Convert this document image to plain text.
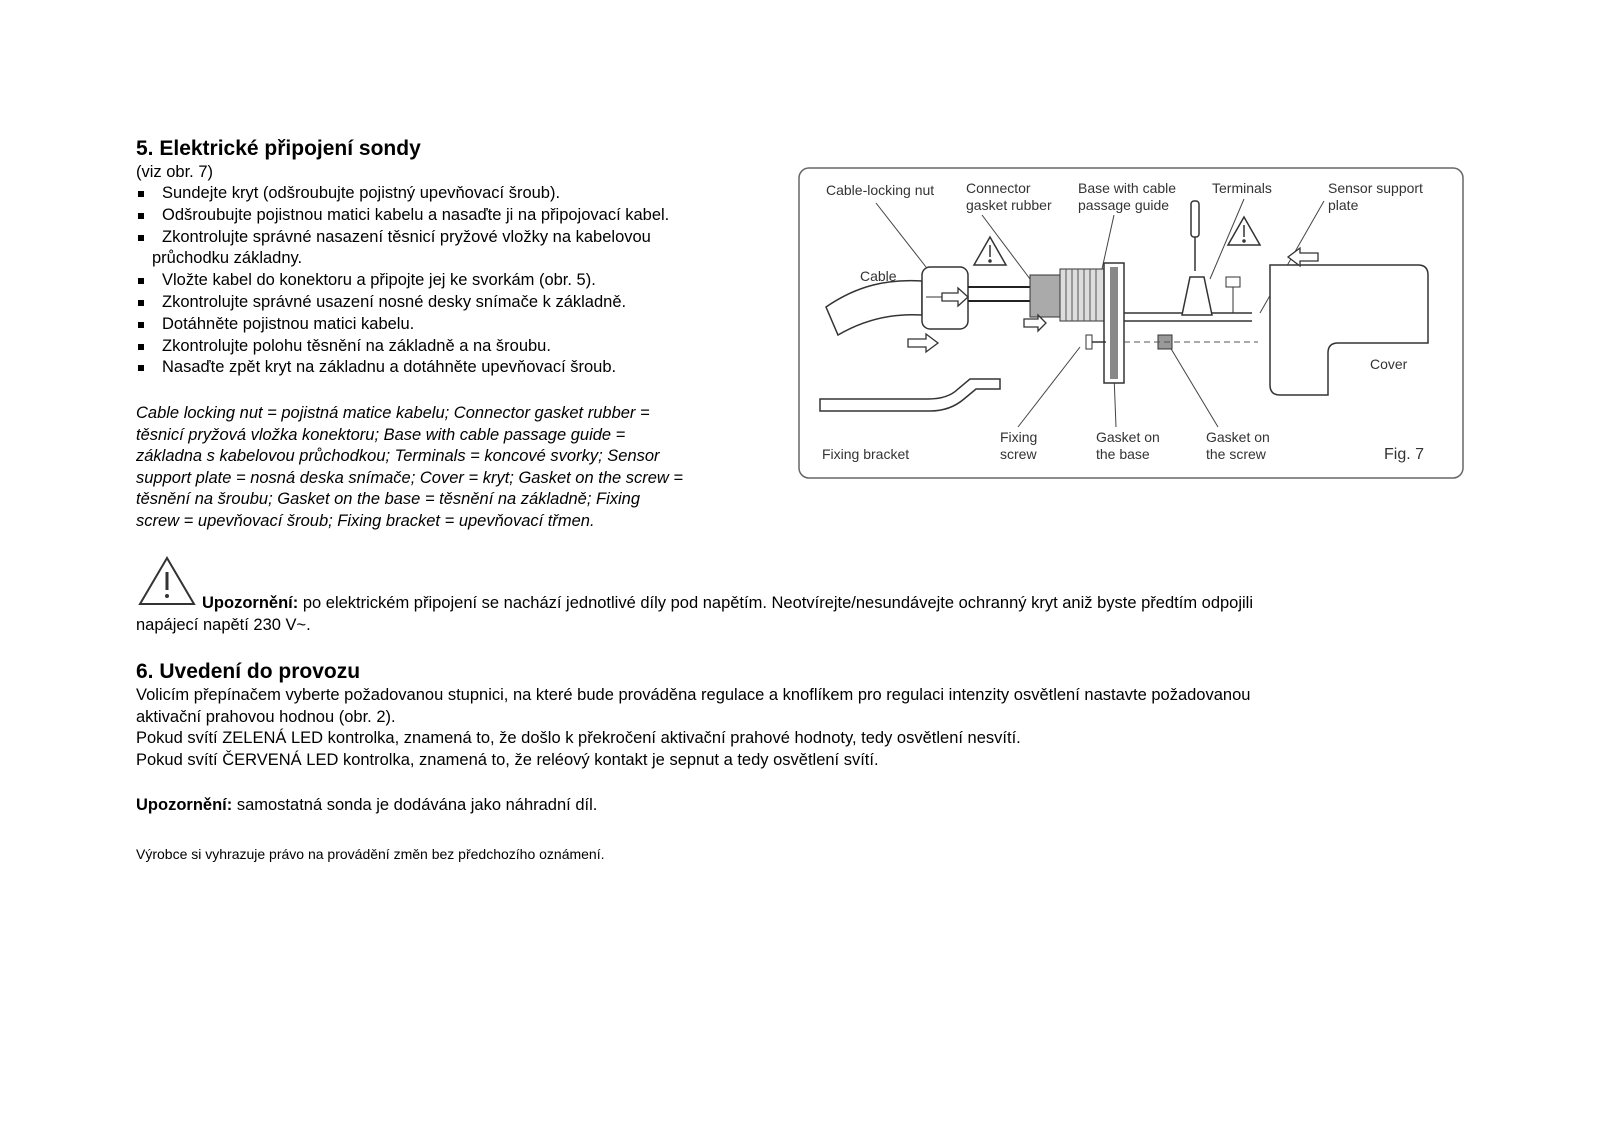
5. Elektrické připojení sondy
(viz obr. 7)
Sundejte kryt (odšroubujte pojistný upevňovací šroub).
Odšroubujte pojistnou matici kabelu a nasaďte ji na připojovací kabel.
Zkontrolujte správné nasazení těsnicí pryžové vložky na kabelovou
průchodku základny.
Vložte kabel do konektoru a připojte jej ke svorkám (obr. 5).
Zkontrolujte správné usazení nosné desky snímače k základně.
Dotáhněte pojistnou matici kabelu.
Zkontrolujte polohu těsnění na základně a na šroubu.
Nasaďte zpět kryt na základnu a dotáhněte upevňovací šroub.
Cable locking nut = pojistná matice kabelu; Connector gasket rubber =
těsnicí pryžová vložka konektoru; Base with cable passage guide =
základna s kabelovou průchodkou; Terminals = koncové svorky; Sensor
support plate = nosná deska snímače; Cover = kryt; Gasket on the screw =
těsnění na šroubu; Gasket on the base = těsnění na základně; Fixing
screw = upevňovací šroub; Fixing bracket = upevňovací třmen.
Cable-locking nut Connector
gasket rubber
Base with cable
passage guide
Terminals	Sensor support
plate
Cable
Cover
Fixing bracket
Fixing
screw
Gasket on
the base
Gasket on
the screw	Fig. 7
Upozornění: po elektrickém připojení se nachází jednotlivé díly pod napětím. Neotvírejte/nesundávejte ochranný kryt aniž byste předtím odpojili
napájecí napětí 230 V~.
6. Uvedení do provozu
Volicím přepínačem vyberte požadovanou stupnici, na které bude prováděna regulace a knoflíkem pro regulaci intenzity osvětlení nastavte požadovanou
aktivační prahovou hodnou (obr. 2).
Pokud svítí ZELENÁ LED kontrolka, znamená to, že došlo k překročení aktivační prahové hodnoty, tedy osvětlení nesvítí.
Pokud svítí ČERVENÁ LED kontrolka, znamená to, že reléový kontakt je sepnut a tedy osvětlení svítí.
Upozornění: samostatná sonda je dodávána jako náhradní díl.
Výrobce si vyhrazuje právo na provádění změn bez předchozího oznámení.
